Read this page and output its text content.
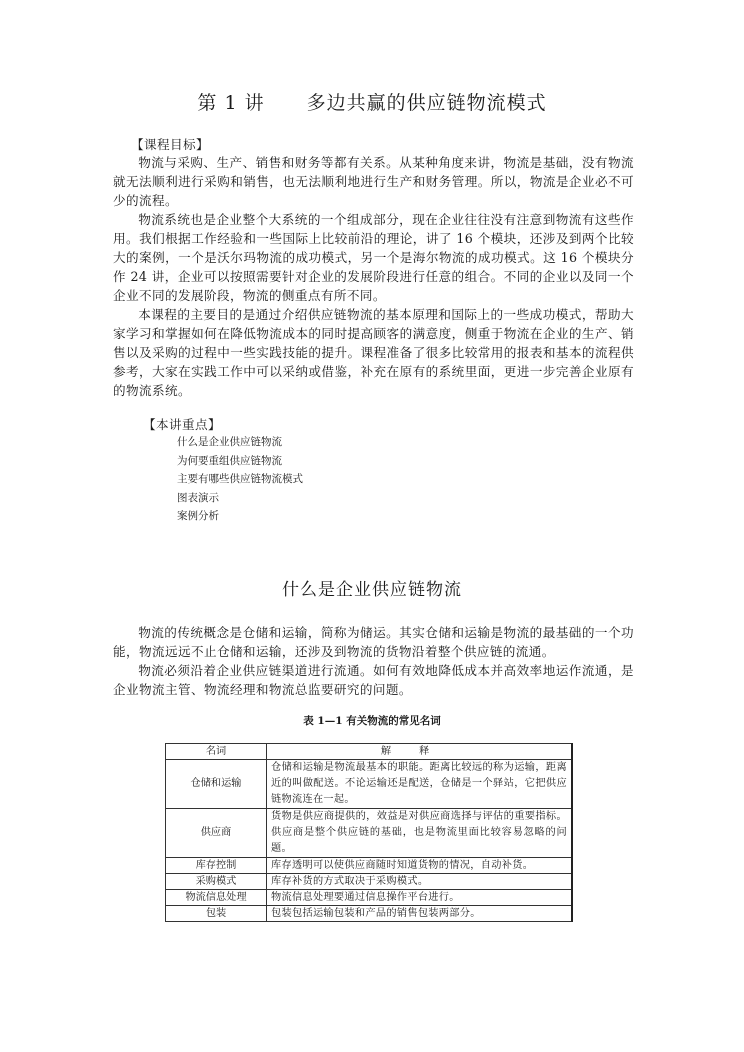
第 1 讲 多边共赢的供应链物流模式
【课程目标】

物流与采购、生产、销售和财务等都有关系。从某种角度来讲，物流是基础，没有物流就无法顺利进行采购和销售，也无法顺利地进行生产和财务管理。所以，物流是企业必不可少的流程。

物流系统也是企业整个大系统的一个组成部分，现在企业往往没有注意到物流有这些作用。我们根据工作经验和一些国际上比较前沿的理论，讲了 16 个模块，还涉及到两个比较大的案例，一个是沃尔玛物流的成功模式，另一个是海尔物流的成功模式。这 16 个模块分作 24 讲，企业可以按照需要针对企业的发展阶段进行任意的组合。不同的企业以及同一个企业不同的发展阶段，物流的侧重点有所不同。

本课程的主要目的是通过介绍供应链物流的基本原理和国际上的一些成功模式，帮助大家学习和掌握如何在降低物流成本的同时提高顾客的满意度，侧重于物流在企业的生产、销售以及采购的过程中一些实践技能的提升。课程准备了很多比较常用的报表和基本的流程供参考，大家在实践工作中可以采纳或借鉴，补充在原有的系统里面，更进一步完善企业原有的物流系统。

【本讲重点】
什么是企业供应链物流
为何要重组供应链物流
主要有哪些供应链物流模式
图表演示
案例分析
什么是企业供应链物流

物流的传统概念是仓储和运输，简称为储运。其实仓储和运输是物流的最基础的一个功能，物流远远不止仓储和运输，还涉及到物流的货物沿着整个供应链的流通。

物流必须沿着企业供应链渠道进行流通。如何有效地降低成本并高效率地运作流通，是企业物流主管、物流经理和物流总监要研究的问题。

表 1—1 有关物流的常见名词
名词	解释
仓储和运输	仓储和运输是物流最基本的职能。距离比较远的称为运输，距离近的叫做配送。不论运输还是配送，仓储是一个驿站，它把供应链物流连在一起。
供应商	货物是供应商提供的，效益是对供应商选择与评估的重要指标。供应商是整个供应链的基础，也是物流里面比较容易忽略的问题。
库存控制	库存透明可以使供应商随时知道货物的情况，自动补货。
采购模式	库存补货的方式取决于采购模式。
物流信息处理	物流信息处理要通过信息操作平台进行。
包装	包装包括运输包装和产品的销售包装两部分。
